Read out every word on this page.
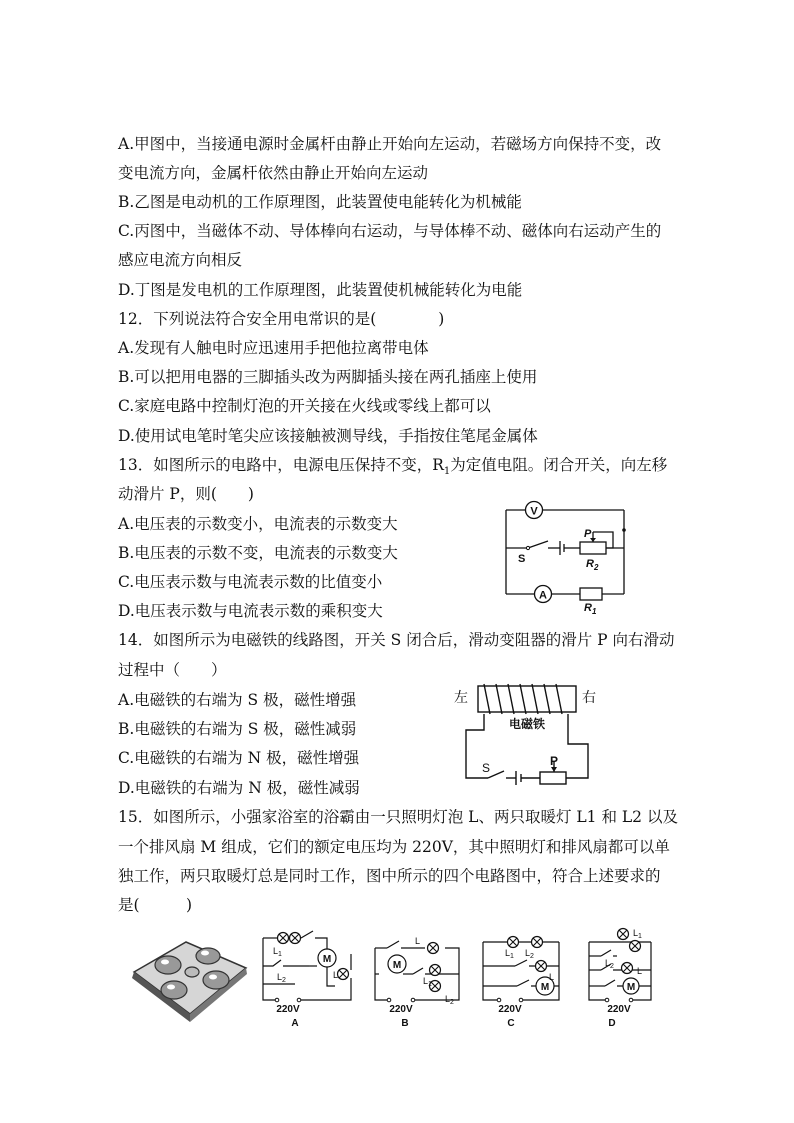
A.甲图中，当接通电源时金属杆由静止开始向左运动，若磁场方向保持不变，改
变电流方向，金属杆依然由静止开始向左运动
B.乙图是电动机的工作原理图，此装置使电能转化为机械能
C.丙图中，当磁体不动、导体棒向右运动，与导体棒不动、磁体向右运动产生的
感应电流方向相反
D.丁图是发电机的工作原理图，此装置使机械能转化为电能
12．下列说法符合安全用电常识的是(　　　　)
A.发现有人触电时应迅速用手把他拉离带电体
B.可以把用电器的三脚插头改为两脚插头接在两孔插座上使用
C.家庭电路中控制灯泡的开关接在火线或零线上都可以
D.使用试电笔时笔尖应该接触被测导线，手指按住笔尾金属体
13．如图所示的电路中，电源电压保持不变，$R_1$为定值电阻。闭合开关，向左移
动滑片 P，则(　　)
A.电压表的示数变小，电流表的示数变大
B.电压表的示数不变，电流表的示数变大
C.电压表示数与电流表示数的比值变小
D.电压表示数与电流表示数的乘积变大
V
A
P
S	$R_2$
$R_1$
14．如图所示为电磁铁的线路图，开关 S 闭合后，滑动变阻器的滑片 P 向右滑动
过程中（　　）
A.电磁铁的右端为 S 极，磁性增强
B.电磁铁的右端为 S 极，磁性减弱
C.电磁铁的右端为 N 极，磁性增强
D.电磁铁的右端为 N 极，磁性减弱
左	右
电磁铁
S	P
15．如图所示，小强家浴室的浴霸由一只照明灯泡 L、两只取暖灯 L1 和 L2 以及
一个排风扇 M 组成，它们的额定电压均为 220V，其中照明灯和排风扇都可以单
独工作，两只取暖灯总是同时工作，图中所示的四个电路图中，符合上述要求的
是(　　　)
M
M
M	M
$L_1$
$L_2$
L
L
$L_1$
$L_2$
$L_1$ $L_2$
L
$L_1$
$L_2$	L
220V	220V	220V	220V
A	B	C	D
